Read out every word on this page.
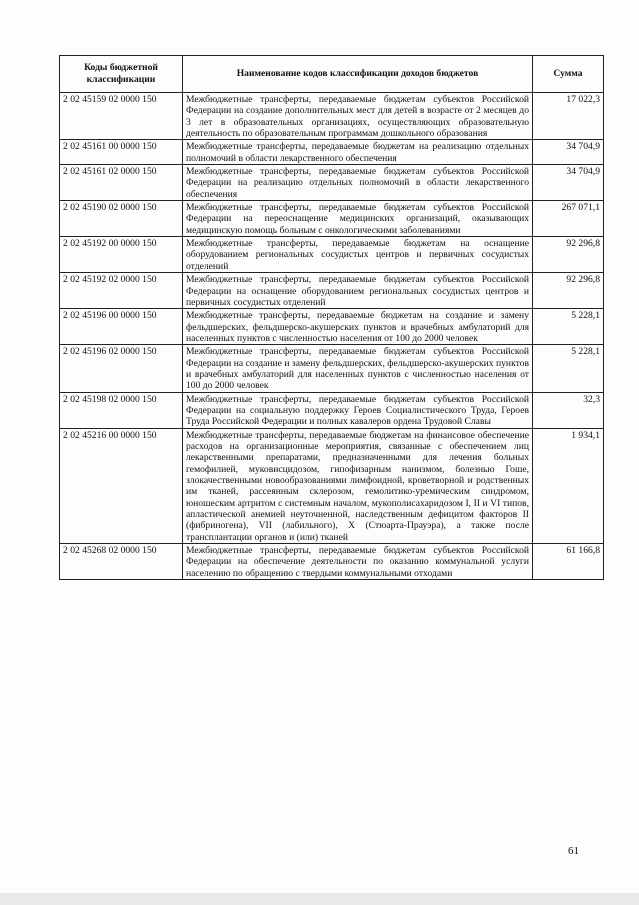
Коды бюджетной классификации	Наименование кодов классификации доходов бюджетов	Сумма
2 02 45159 02 0000 150	Межбюджетные трансферты, передаваемые бюджетам субъектов Российской Федерации на создание дополнительных мест для детей в возрасте от 2 месяцев до 3 лет в образовательных организациях, осуществляющих образовательную деятельность по образовательным программам дошкольного образования	17 022,3
2 02 45161 00 0000 150	Межбюджетные трансферты, передаваемые бюджетам на реализацию отдельных полномочий в области лекарственного обеспечения	34 704,9
2 02 45161 02 0000 150	Межбюджетные трансферты, передаваемые бюджетам субъектов Российской Федерации на реализацию отдельных полномочий в области лекарственного обеспечения	34 704,9
2 02 45190 02 0000 150	Межбюджетные трансферты, передаваемые бюджетам субъектов Российской Федерации на переоснащение медицинских организаций, оказывающих медицинскую помощь больным с онкологическими заболеваниями	267 071,1
2 02 45192 00 0000 150	Межбюджетные трансферты, передаваемые бюджетам на оснащение оборудованием региональных сосудистых центров и первичных сосудистых отделений	92 296,8
2 02 45192 02 0000 150	Межбюджетные трансферты, передаваемые бюджетам субъектов Российской Федерации на оснащение оборудованием региональных сосудистых центров и первичных сосудистых отделений	92 296,8
2 02 45196 00 0000 150	Межбюджетные трансферты, передаваемые бюджетам на создание и замену фельдшерских, фельдшерско-акушерских пунктов и врачебных амбулаторий для населенных пунктов с численностью населения от 100 до 2000 человек	5 228,1
2 02 45196 02 0000 150	Межбюджетные трансферты, передаваемые бюджетам субъектов Российской Федерации на создание и замену фельдшерских, фельдшерско-акушерских пунктов и врачебных амбулаторий для населенных пунктов с численностью населения от 100 до 2000 человек	5 228,1
2 02 45198 02 0000 150	Межбюджетные трансферты, передаваемые бюджетам субъектов Российской Федерации на социальную поддержку Героев Социалистического Труда, Героев Труда Российской Федерации и полных кавалеров ордена Трудовой Славы	32,3
2 02 45216 00 0000 150	Межбюджетные трансферты, передаваемые бюджетам на финансовое обеспечение расходов на организационные мероприятия, связанные с обеспечением лиц лекарственными препаратами, предназначенными для лечения больных гемофилией, муковисцидозом, гипофизарным нанизмом, болезнью Гоше, злокачественными новообразованиями лимфоидной, кроветворной и родственных им тканей, рассеянным склерозом, гемолитико-уремическим синдромом, юношеским артритом с системным началом, мукополисахаридозом I, II и VI типов, апластической анемией неуточненной, наследственным дефицитом факторов II (фибриногена), VII (лабильного), X (Стюарта-Прауэра), а также после трансплантации органов и (или) тканей	1 934,1
2 02 45268 02 0000 150	Межбюджетные трансферты, передаваемые бюджетам субъектов Российской Федерации на обеспечение деятельности по оказанию коммунальной услуги населению по обращению с твердыми коммунальными отходами	61 166,8
61
